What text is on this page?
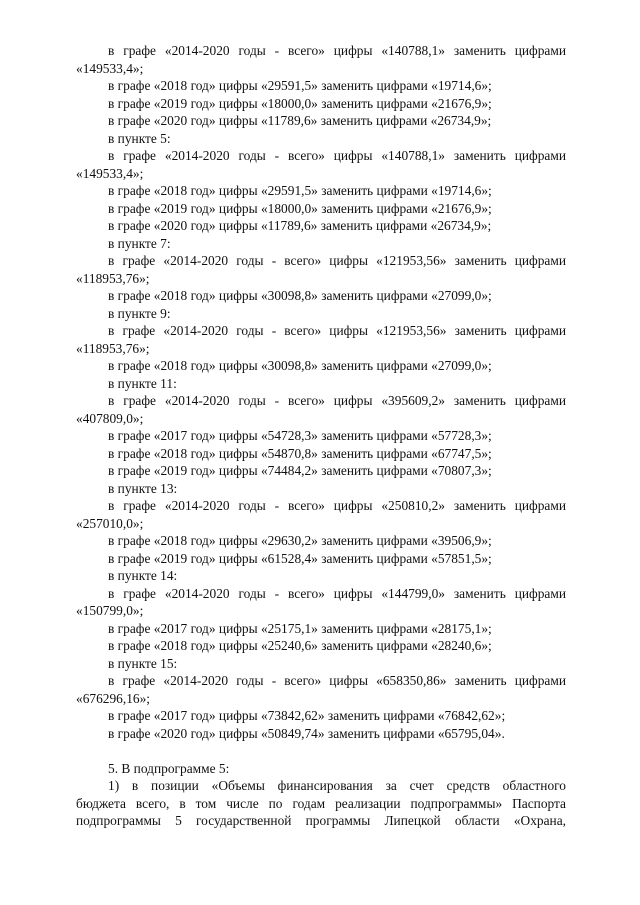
в графе «2014-2020 годы - всего» цифры «140788,1» заменить цифрами
«149533,4»;
в графе «2018 год» цифры «29591,5» заменить цифрами «19714,6»;
в графе «2019 год» цифры «18000,0» заменить цифрами «21676,9»;
в графе «2020 год» цифры «11789,6» заменить цифрами «26734,9»;
в пункте 5:
в графе «2014-2020 годы - всего» цифры «140788,1» заменить цифрами
«149533,4»;
в графе «2018 год» цифры «29591,5» заменить цифрами «19714,6»;
в графе «2019 год» цифры «18000,0» заменить цифрами «21676,9»;
в графе «2020 год» цифры «11789,6» заменить цифрами «26734,9»;
в пункте 7:
в графе «2014-2020 годы - всего» цифры «121953,56» заменить цифрами
«118953,76»;
в графе «2018 год» цифры «30098,8» заменить цифрами «27099,0»;
в пункте 9:
в графе «2014-2020 годы - всего» цифры «121953,56» заменить цифрами
«118953,76»;
в графе «2018 год» цифры «30098,8» заменить цифрами «27099,0»;
в пункте 11:
в графе «2014-2020 годы - всего» цифры «395609,2» заменить цифрами
«407809,0»;
в графе «2017 год» цифры «54728,3» заменить цифрами «57728,3»;
в графе «2018 год» цифры «54870,8» заменить цифрами «67747,5»;
в графе «2019 год» цифры «74484,2» заменить цифрами «70807,3»;
в пункте 13:
в графе «2014-2020 годы - всего» цифры «250810,2» заменить цифрами
«257010,0»;
в графе «2018 год» цифры «29630,2» заменить цифрами «39506,9»;
в графе «2019 год» цифры «61528,4» заменить цифрами «57851,5»;
в пункте 14:
в графе «2014-2020 годы - всего» цифры «144799,0» заменить цифрами
«150799,0»;
в графе «2017 год» цифры «25175,1» заменить цифрами «28175,1»;
в графе «2018 год» цифры «25240,6» заменить цифрами «28240,6»;
в пункте 15:
в графе «2014-2020 годы - всего» цифры «658350,86» заменить цифрами
«676296,16»;
в графе «2017 год» цифры «73842,62» заменить цифрами «76842,62»;
в графе «2020 год» цифры «50849,74» заменить цифрами «65795,04».
5. В подпрограмме 5:
1) в позиции «Объемы финансирования за счет средств областного
бюджета всего, в том числе по годам реализации подпрограммы» Паспорта
подпрограммы 5 государственной программы Липецкой области «Охрана,
